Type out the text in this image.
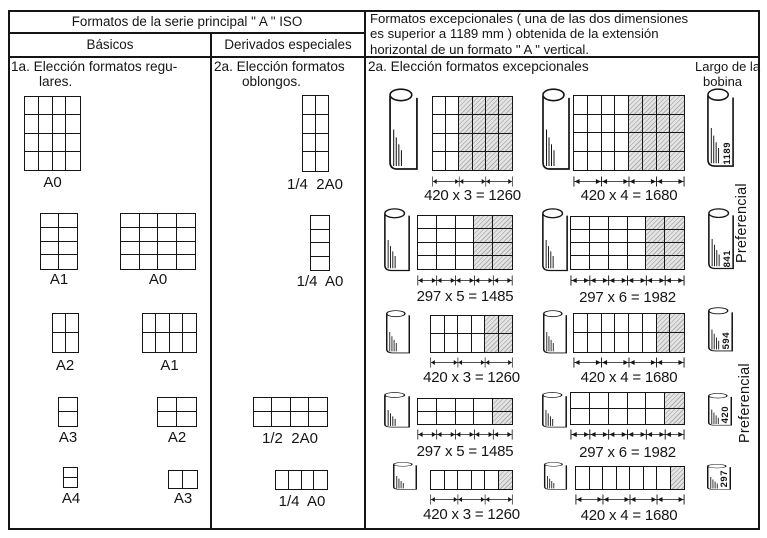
Formatos de la serie principal " A " ISO
Básicos	Derivados especiales
Formatos excepcionales ( una de las dos dimensiones
es superior a 1189 mm ) obtenida de la extensión
horizontal de un formato " A " vertical.
1a. Elección formatos regu-
lares.
2a. Elección formatos
oblongos.
2a. Elección formatos excepcionales	Largo de la
bobina
A0
A1	A0
A2	A1
A3	A2
A4	A3
1/4  2A0
1/4  A0
1/2  2A0
1/4  A0
420 x 3 = 1260	420 x 4 = 1680
1189
297 x 5 = 1485	297 x 6 = 1982
841
420 x 3 = 1260	420 x 4 = 1680
594
297 x 5 = 1485	297 x 6 = 1982
420
420 x 3 = 1260	420 x 4 = 1680
297
Preferencial
Preferencial
